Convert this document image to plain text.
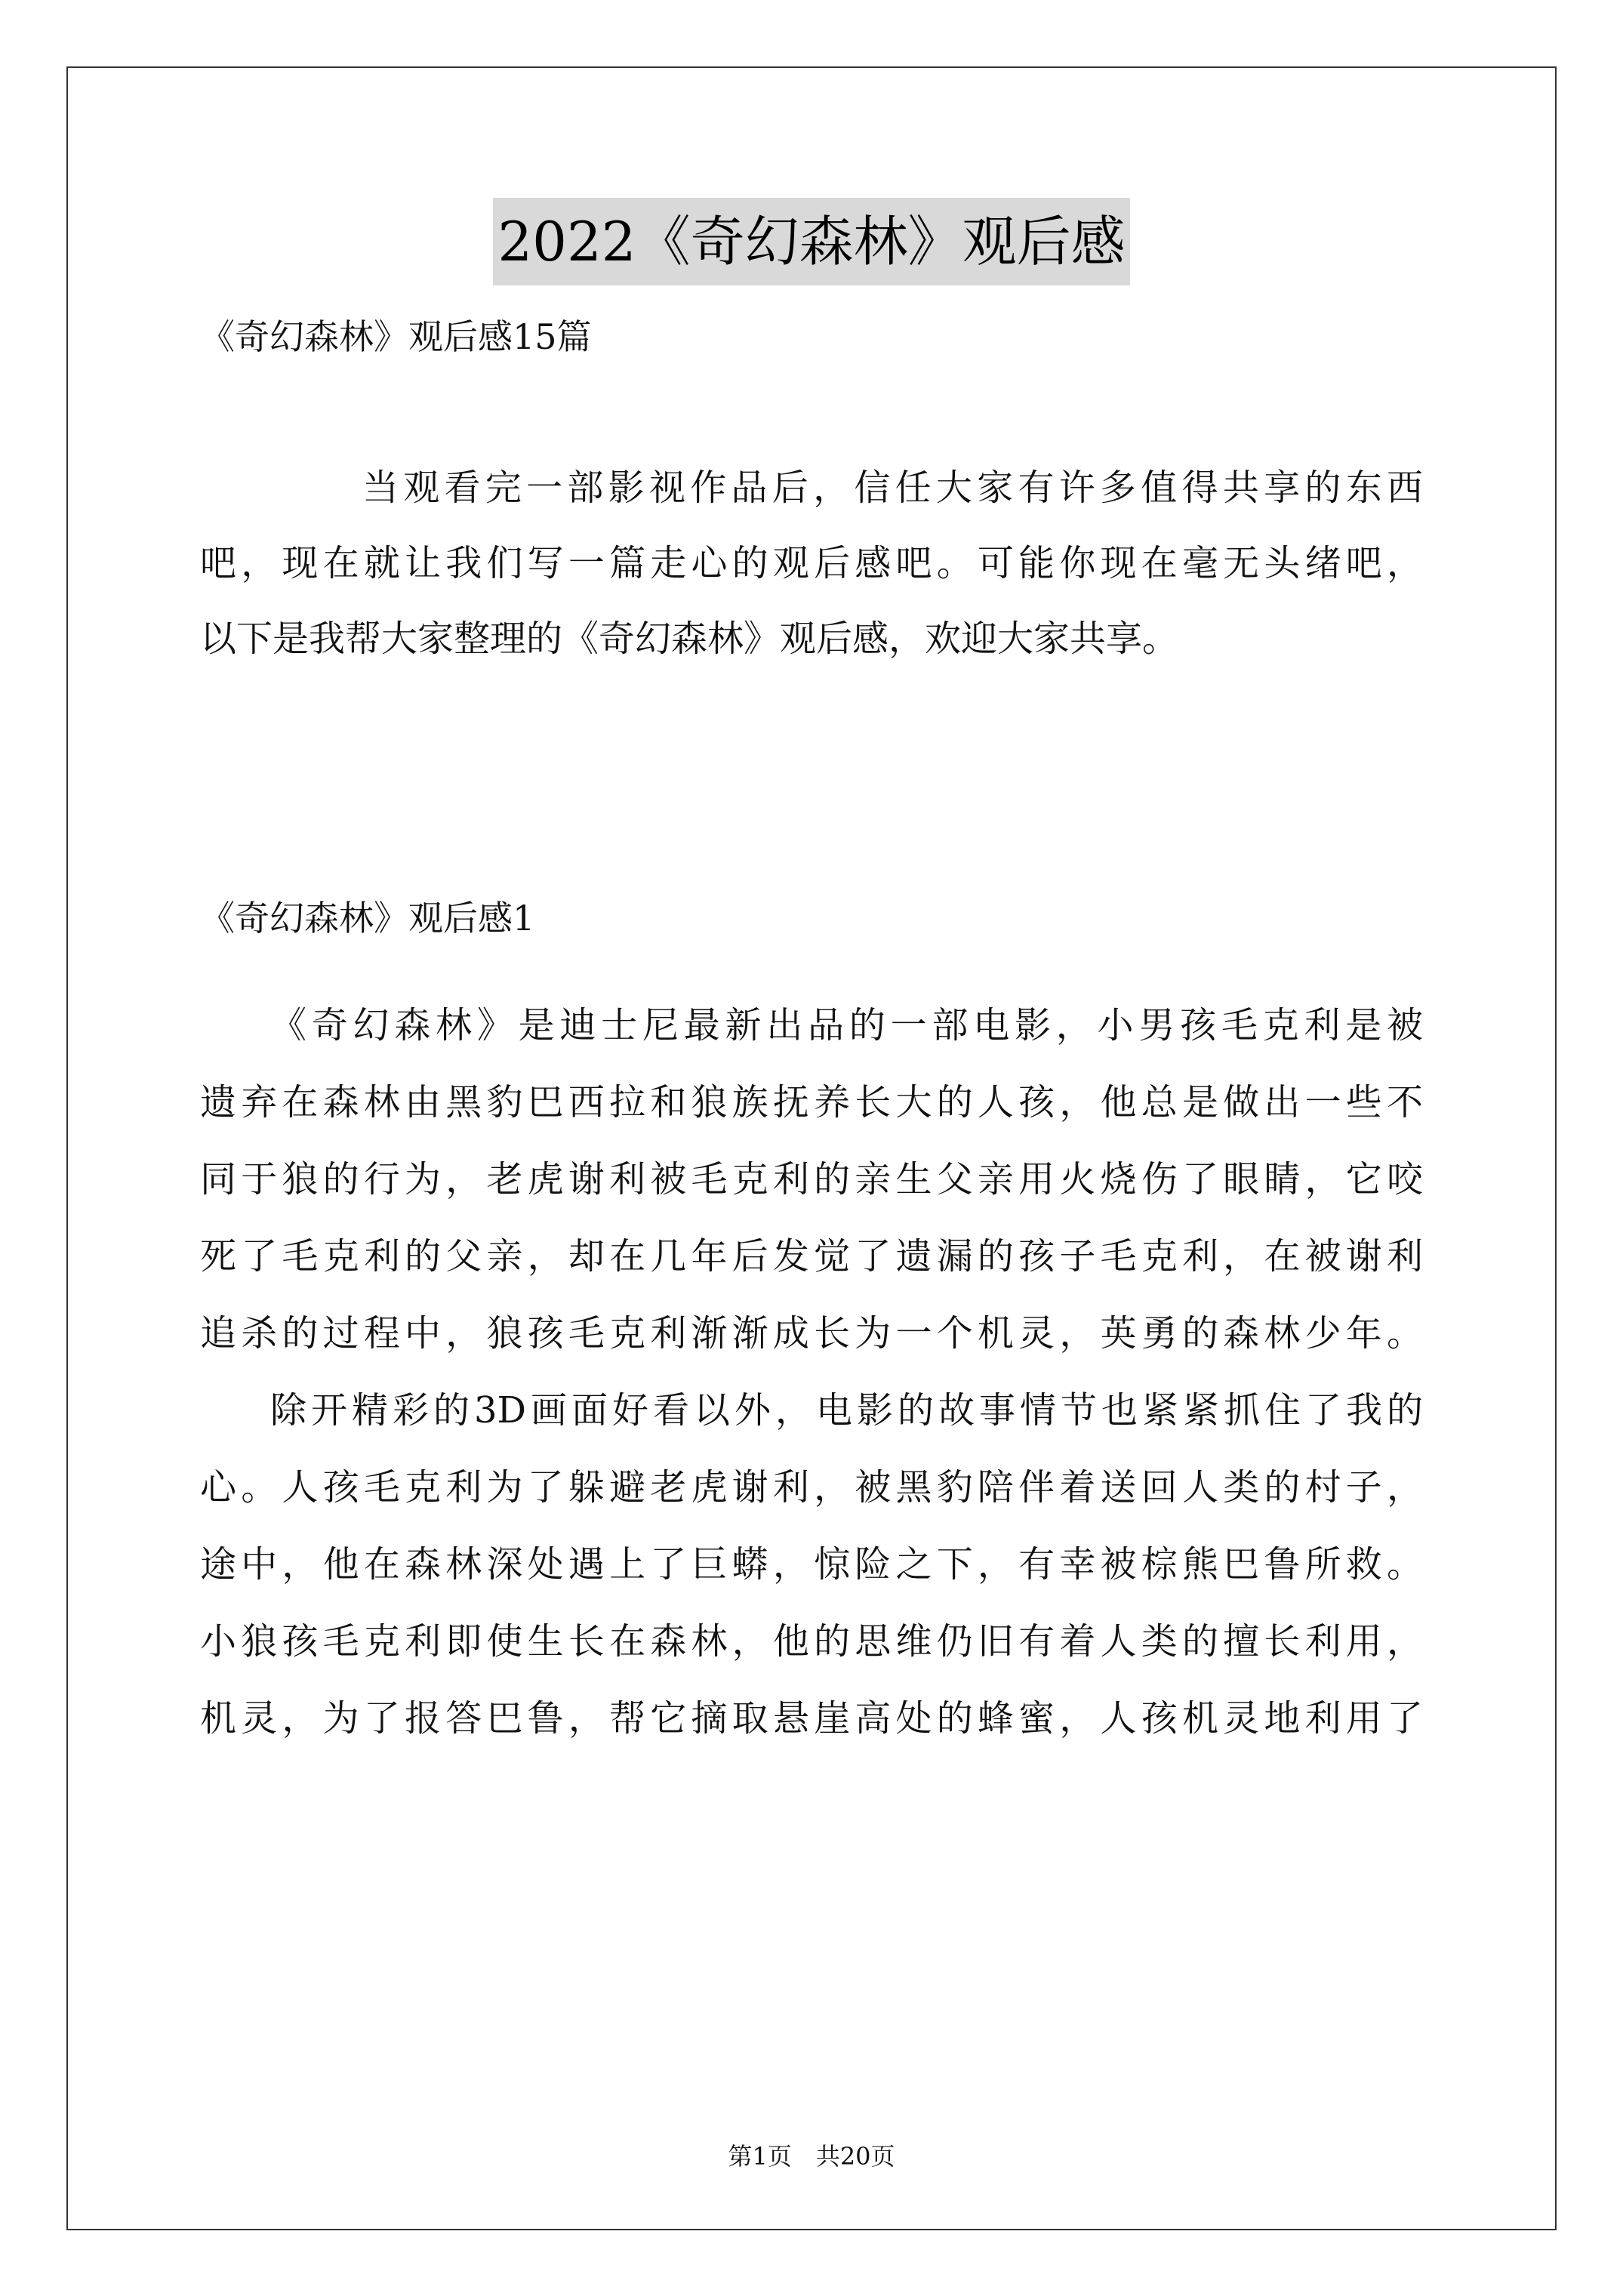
2022《奇幻森林》观后感

《奇幻森林》观后感15篇

当观看完一部影视作品后，信任大家有许多值得共享的东西

吧，现在就让我们写一篇走心的观后感吧。可能你现在毫无头绪吧，

以下是我帮大家整理的《奇幻森林》观后感，欢迎大家共享。

《奇幻森林》观后感1

《奇幻森林》是迪士尼最新出品的一部电影，小男孩毛克利是被

遗弃在森林由黑豹巴西拉和狼族抚养长大的人孩，他总是做出一些不

同于狼的行为，老虎谢利被毛克利的亲生父亲用火烧伤了眼睛，它咬

死了毛克利的父亲，却在几年后发觉了遗漏的孩子毛克利，在被谢利

追杀的过程中，狼孩毛克利渐渐成长为一个机灵，英勇的森林少年。

除开精彩的3D画面好看以外，电影的故事情节也紧紧抓住了我的

心。人孩毛克利为了躲避老虎谢利，被黑豹陪伴着送回人类的村子，

途中，他在森林深处遇上了巨蟒，惊险之下，有幸被棕熊巴鲁所救。

小狼孩毛克利即使生长在森林，他的思维仍旧有着人类的擅长利用，

机灵，为了报答巴鲁，帮它摘取悬崖高处的蜂蜜，人孩机灵地利用了

第1页　共20页
